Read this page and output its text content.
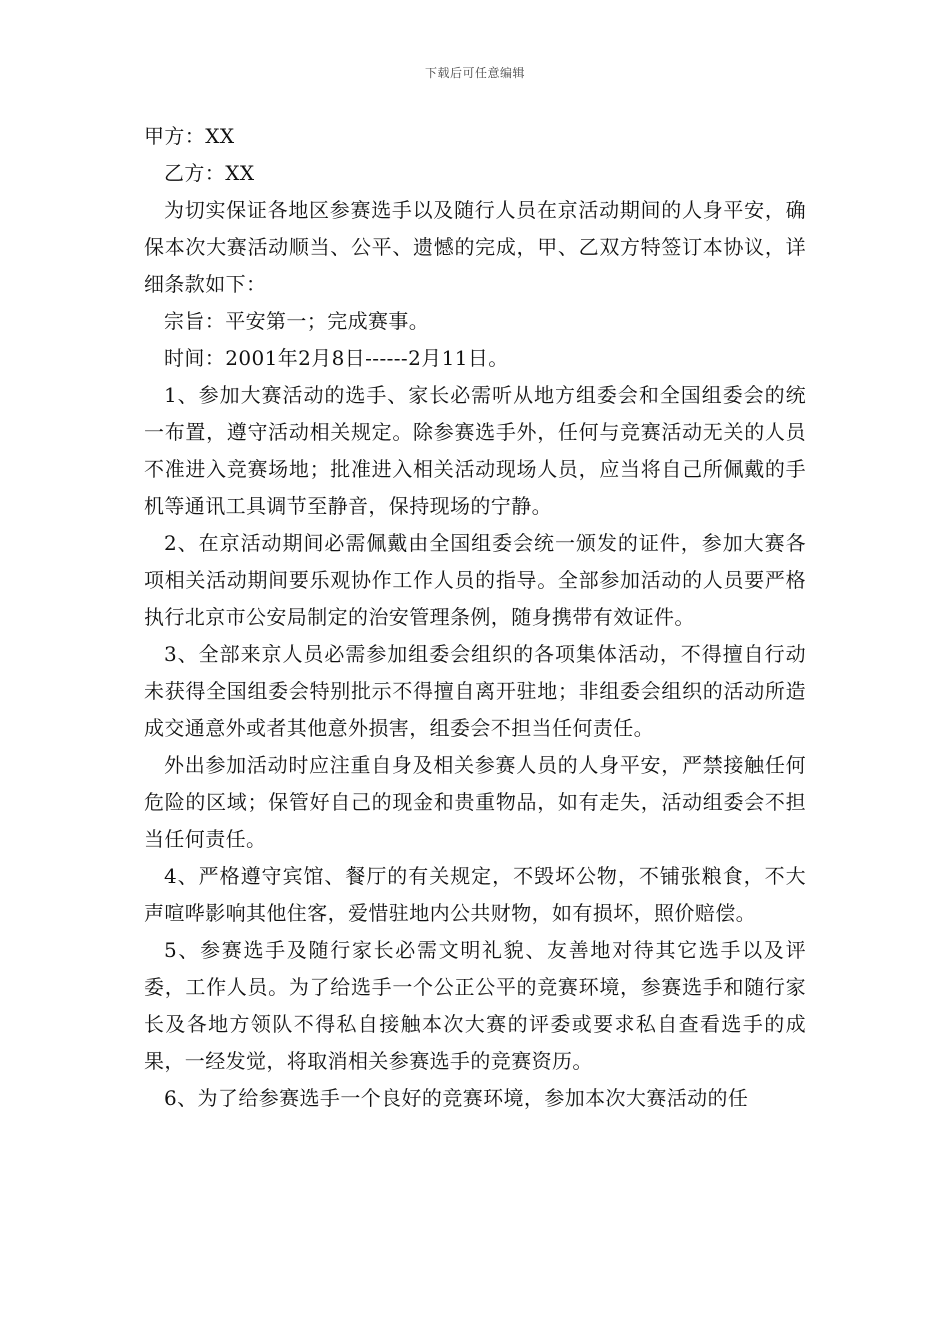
下载后可任意编辑

甲方：XX

乙方：XX

为切实保证各地区参赛选手以及随行人员在京活动期间的人身平安，确保本次大赛活动顺当、公平、遗憾的完成，甲、乙双方特签订本协议，详细条款如下：

宗旨：平安第一；完成赛事。

时间：2001年2月8日------2月11日。

1、参加大赛活动的选手、家长必需听从地方组委会和全国组委会的统一布置，遵守活动相关规定。除参赛选手外，任何与竞赛活动无关的人员不准进入竞赛场地；批准进入相关活动现场人员，应当将自己所佩戴的手机等通讯工具调节至静音，保持现场的宁静。

2、在京活动期间必需佩戴由全国组委会统一颁发的证件，参加大赛各项相关活动期间要乐观协作工作人员的指导。全部参加活动的人员要严格执行北京市公安局制定的治安管理条例，随身携带有效证件。

3、全部来京人员必需参加组委会组织的各项集体活动，不得擅自行动未获得全国组委会特别批示不得擅自离开驻地；非组委会组织的活动所造成交通意外或者其他意外损害，组委会不担当任何责任。

外出参加活动时应注重自身及相关参赛人员的人身平安，严禁接触任何危险的区域；保管好自己的现金和贵重物品，如有走失，活动组委会不担当任何责任。

4、严格遵守宾馆、餐厅的有关规定，不毁坏公物，不铺张粮食，不大声喧哗影响其他住客，爱惜驻地内公共财物，如有损坏，照价赔偿。

5、参赛选手及随行家长必需文明礼貌、友善地对待其它选手以及评委，工作人员。为了给选手一个公正公平的竞赛环境，参赛选手和随行家长及各地方领队不得私自接触本次大赛的评委或要求私自查看选手的成果，一经发觉，将取消相关参赛选手的竞赛资历。

6、为了给参赛选手一个良好的竞赛环境，参加本次大赛活动的任
